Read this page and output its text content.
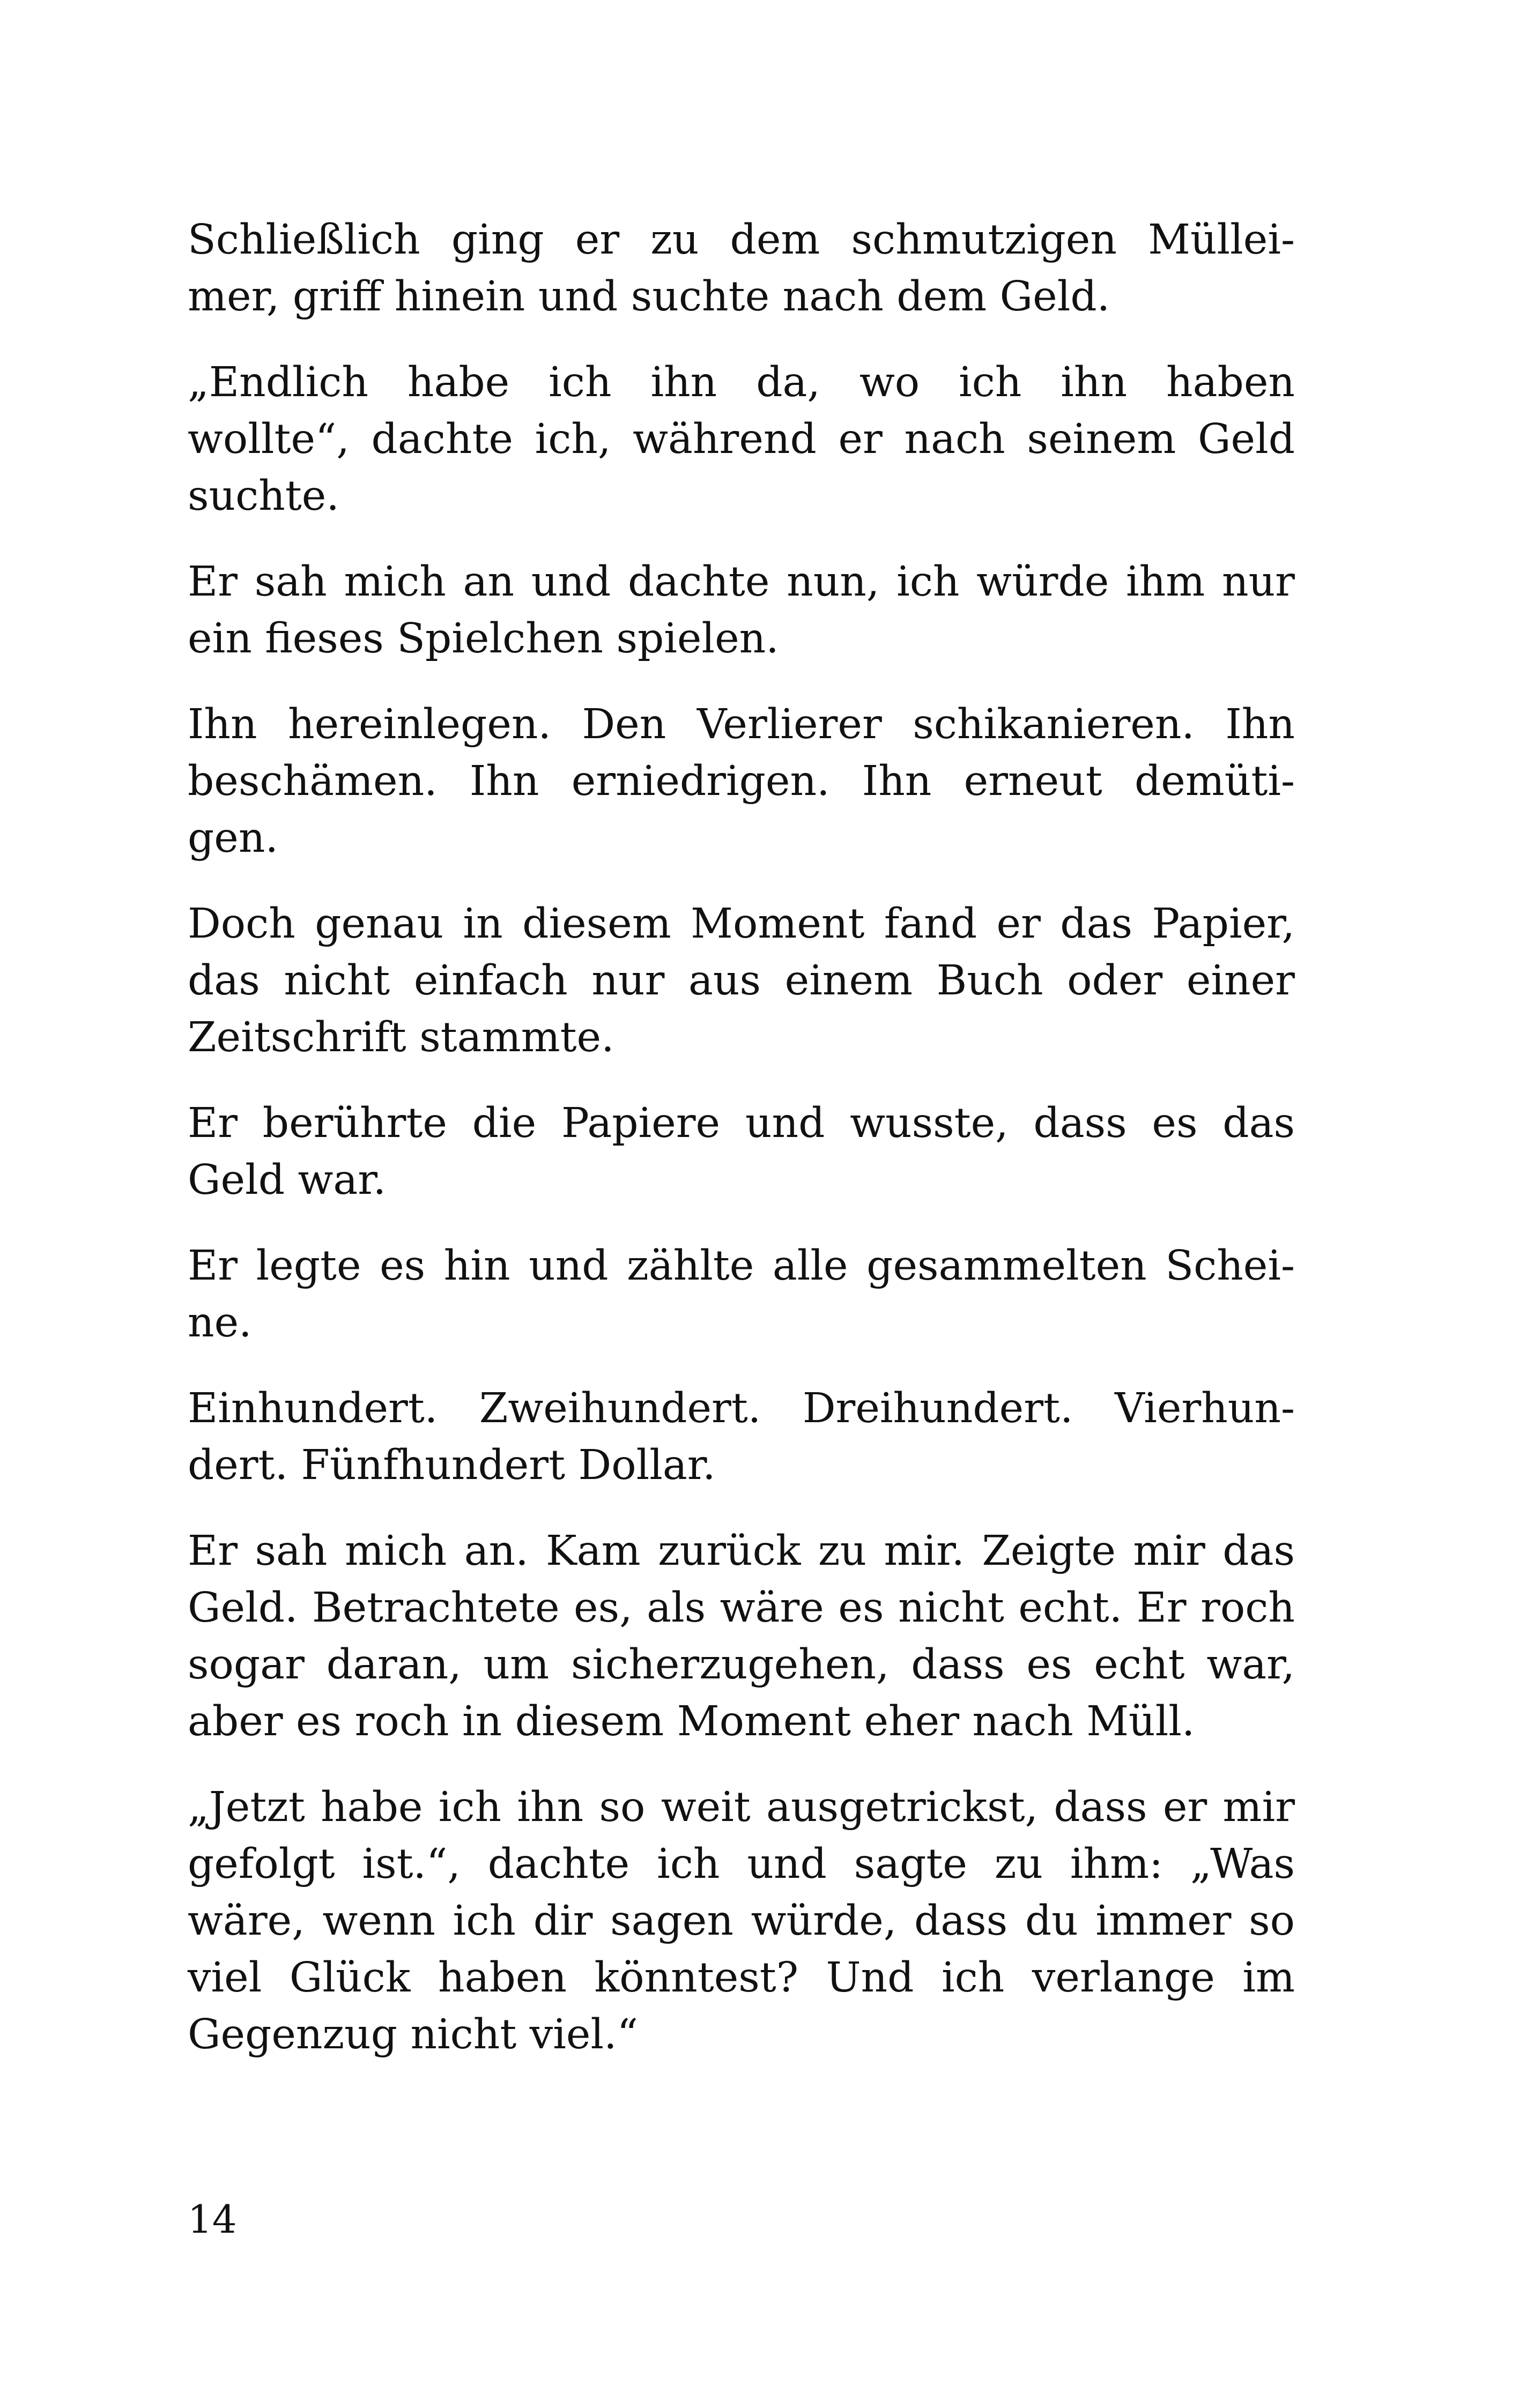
Schließlich ging er zu dem schmutzigen Müllei-
mer, griff hinein und suchte nach dem Geld.
„Endlich habe ich ihn da, wo ich ihn haben
wollte“, dachte ich, während er nach seinem Geld
suchte.
Er sah mich an und dachte nun, ich würde ihm nur
ein fieses Spielchen spielen.
Ihn hereinlegen. Den Verlierer schikanieren. Ihn
beschämen. Ihn erniedrigen. Ihn erneut demüti-
gen.
Doch genau in diesem Moment fand er das Papier,
das nicht einfach nur aus einem Buch oder einer
Zeitschrift stammte.
Er berührte die Papiere und wusste, dass es das
Geld war.
Er legte es hin und zählte alle gesammelten Schei-
ne.
Einhundert. Zweihundert. Dreihundert. Vierhun-
dert. Fünfhundert Dollar.
Er sah mich an. Kam zurück zu mir. Zeigte mir das
Geld. Betrachtete es, als wäre es nicht echt. Er roch
sogar daran, um sicherzugehen, dass es echt war,
aber es roch in diesem Moment eher nach Müll.
„Jetzt habe ich ihn so weit ausgetrickst, dass er mir
gefolgt ist.“, dachte ich und sagte zu ihm: „Was
wäre, wenn ich dir sagen würde, dass du immer so
viel Glück haben könntest? Und ich verlange im
Gegenzug nicht viel.“
14
